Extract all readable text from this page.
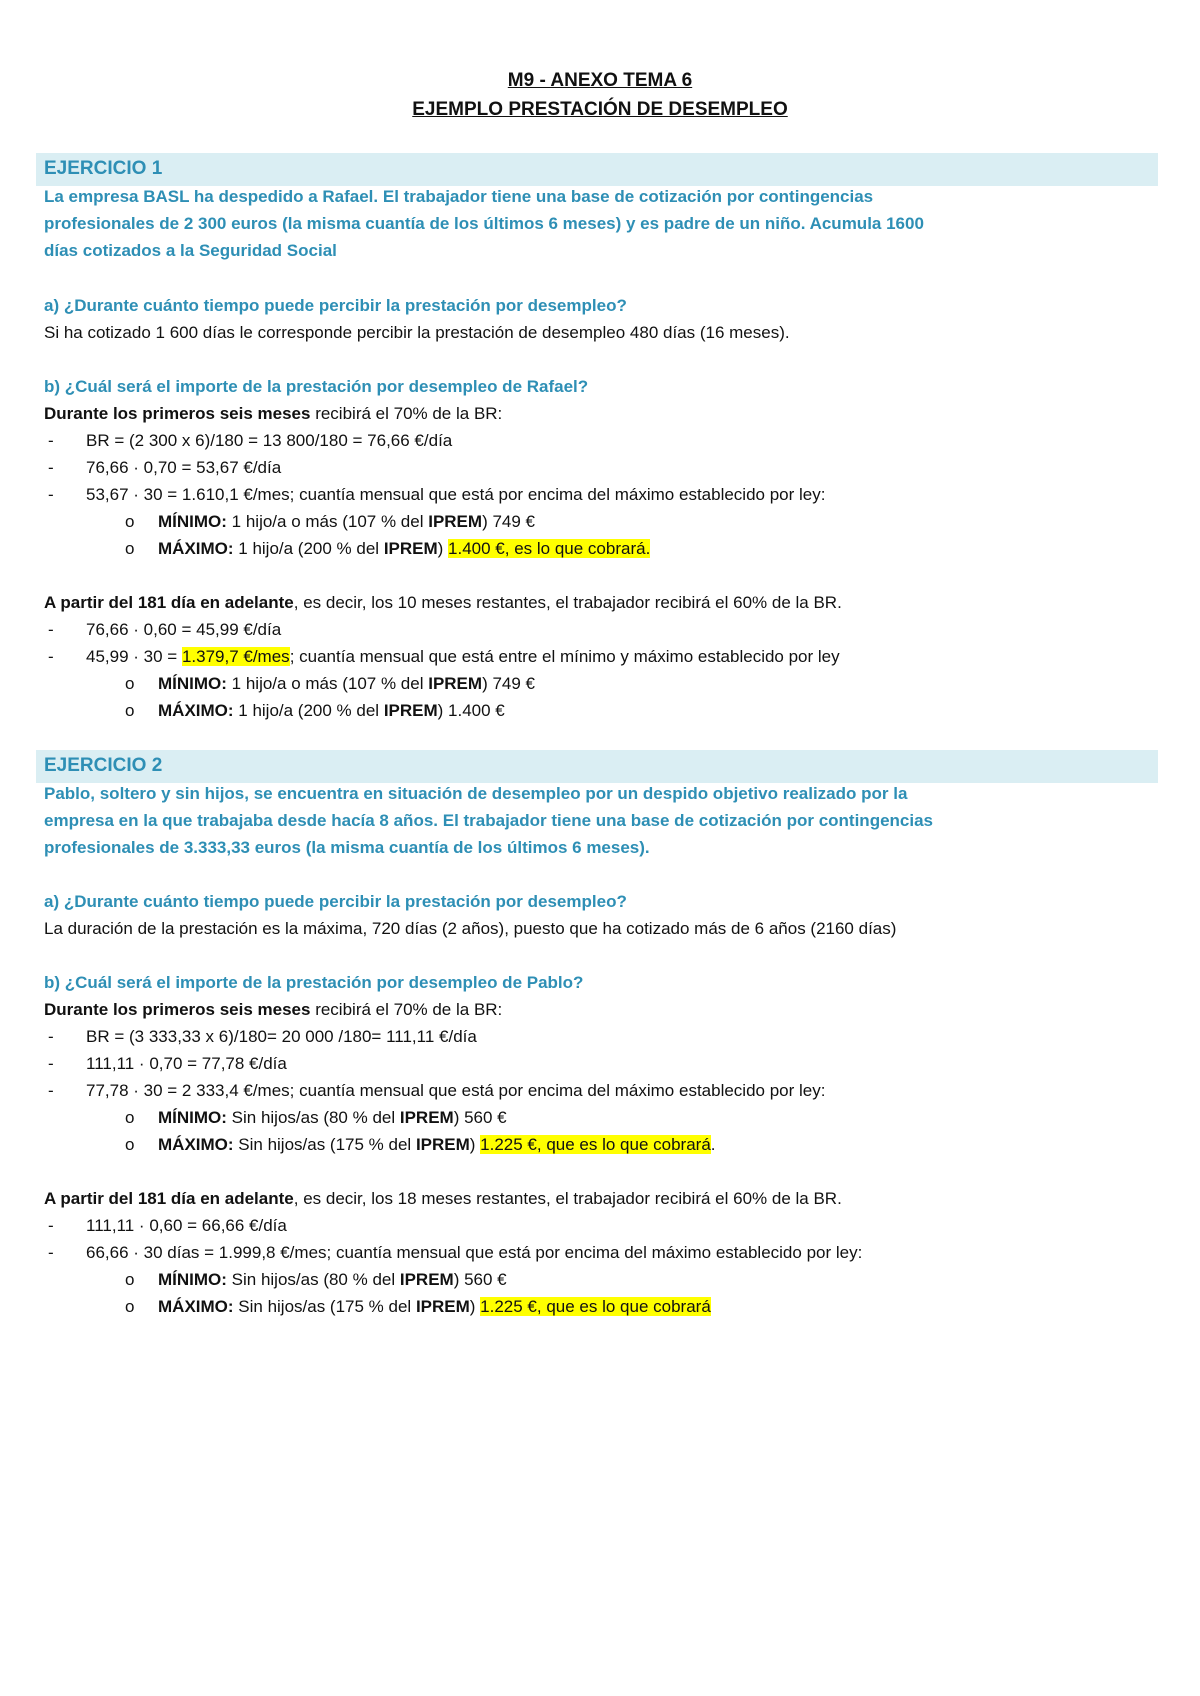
M9 - ANEXO TEMA 6
EJEMPLO PRESTACIÓN DE DESEMPLEO
EJERCICIO 1
La empresa BASL ha despedido a Rafael. El trabajador tiene una base de cotización por contingencias
profesionales de 2 300 euros (la misma cuantía de los últimos 6 meses) y es padre de un niño. Acumula 1600
días cotizados a la Seguridad Social
a) ¿Durante cuánto tiempo puede percibir la prestación por desempleo?
Si ha cotizado 1 600 días le corresponde percibir la prestación de desempleo 480 días (16 meses).
b) ¿Cuál será el importe de la prestación por desempleo de Rafael?
Durante los primeros seis meses recibirá el 70% de la BR:
- BR = (2 300 x 6)/180 = 13 800/180 = 76,66 €/día
- 76,66 · 0,70 = 53,67 €/día
- 53,67 · 30 = 1.610,1 €/mes; cuantía mensual que está por encima del máximo establecido por ley:
o MÍNIMO: 1 hijo/a o más (107 % del IPREM) 749 €
o MÁXIMO: 1 hijo/a (200 % del IPREM) 1.400 €, es lo que cobrará.
A partir del 181 día en adelante, es decir, los 10 meses restantes, el trabajador recibirá el 60% de la BR.
- 76,66 · 0,60 = 45,99 €/día
- 45,99 · 30 = 1.379,7 €/mes; cuantía mensual que está entre el mínimo y máximo establecido por ley
o MÍNIMO: 1 hijo/a o más (107 % del IPREM) 749 €
o MÁXIMO: 1 hijo/a (200 % del IPREM) 1.400 €
EJERCICIO 2
Pablo, soltero y sin hijos, se encuentra en situación de desempleo por un despido objetivo realizado por la
empresa en la que trabajaba desde hacía 8 años. El trabajador tiene una base de cotización por contingencias
profesionales de 3.333,33 euros (la misma cuantía de los últimos 6 meses).
a) ¿Durante cuánto tiempo puede percibir la prestación por desempleo?
La duración de la prestación es la máxima, 720 días (2 años), puesto que ha cotizado más de 6 años (2160 días)
b) ¿Cuál será el importe de la prestación por desempleo de Pablo?
Durante los primeros seis meses recibirá el 70% de la BR:
- BR = (3 333,33 x 6)/180= 20 000 /180= 111,11 €/día
- 111,11 · 0,70 = 77,78 €/día
- 77,78 · 30 = 2 333,4 €/mes; cuantía mensual que está por encima del máximo establecido por ley:
o MÍNIMO: Sin hijos/as (80 % del IPREM) 560 €
o MÁXIMO: Sin hijos/as (175 % del IPREM) 1.225 €, que es lo que cobrará.
A partir del 181 día en adelante, es decir, los 18 meses restantes, el trabajador recibirá el 60% de la BR.
- 111,11 · 0,60 = 66,66 €/día
- 66,66 · 30 días = 1.999,8 €/mes; cuantía mensual que está por encima del máximo establecido por ley:
o MÍNIMO: Sin hijos/as (80 % del IPREM) 560 €
o MÁXIMO: Sin hijos/as (175 % del IPREM) 1.225 €, que es lo que cobrará
